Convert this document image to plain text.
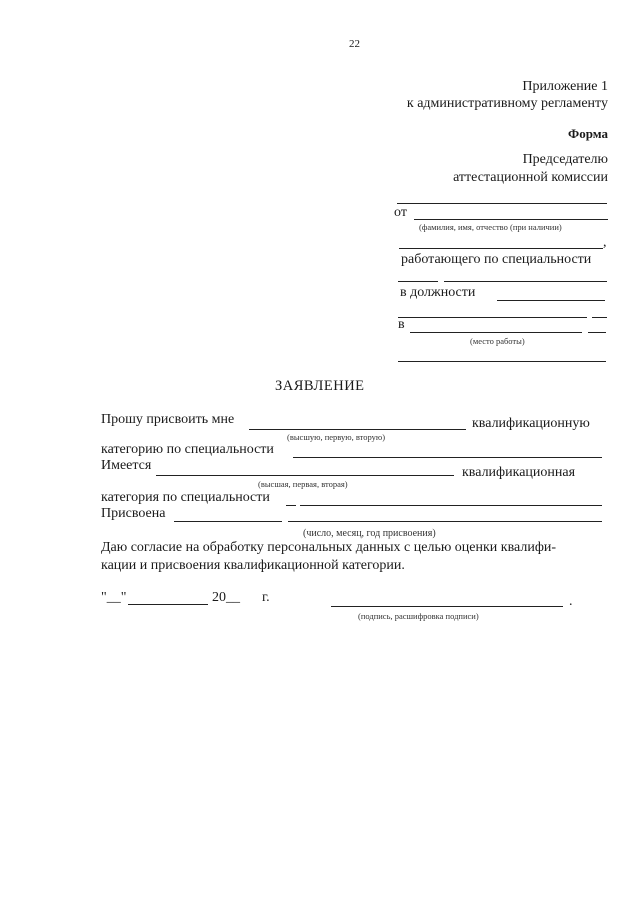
22
Приложение 1
к административному регламенту
Форма
Председателю
аттестационной комиссии
от
(фамилия, имя, отчество (при наличии)
,
работающего по специальности
в должности
в
(место работы)
ЗАЯВЛЕНИЕ
Прошу присвоить мне	квалификационную
(высшую, первую, вторую)
категорию по специальности
Имеется	квалификационная
(высшая, первая, вторая)
категория по специальности
Присвоена
(число, месяц, год присвоения)
Даю согласие на обработку персональных данных с целью оценки квалифи-
кации и присвоения квалификационной категории.
"__"	20__ г.	.
(подпись, расшифровка подписи)
